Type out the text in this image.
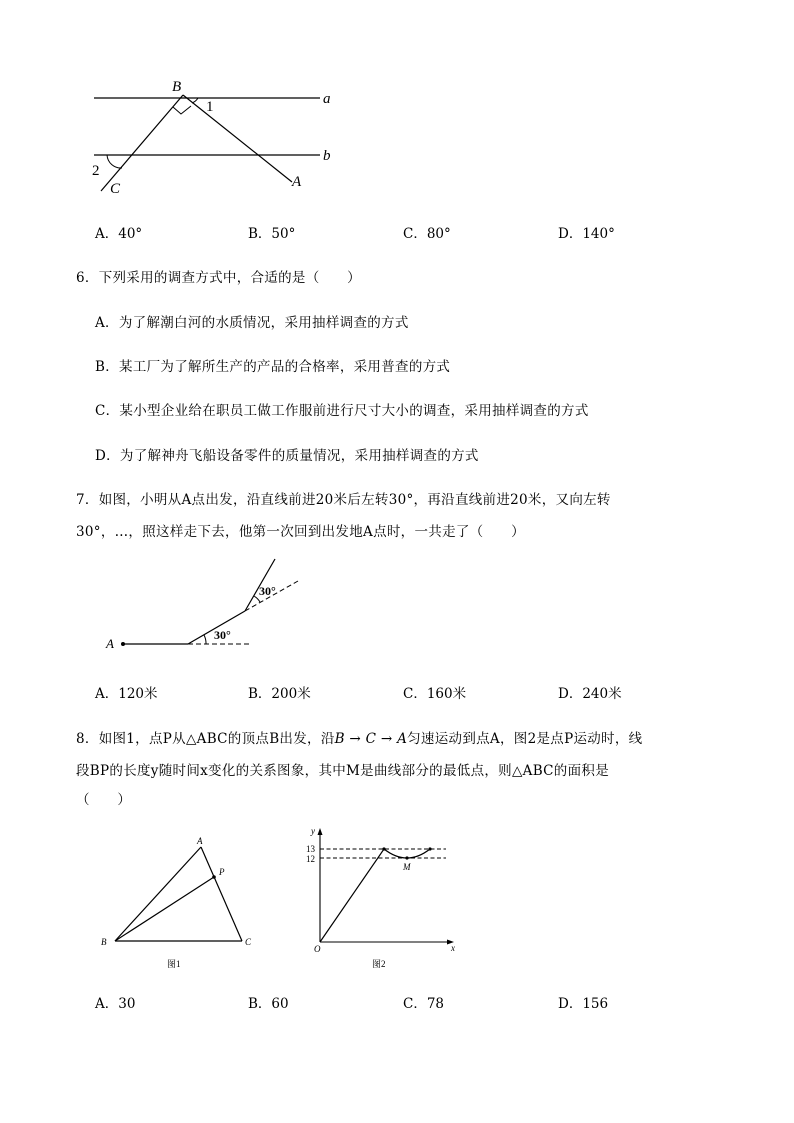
B
1	a
b
2
C	A
A．40°	B．50°	C．80°	D．140°
6．下列采用的调查方式中，合适的是（　　）
A．为了解潮白河的水质情况，采用抽样调查的方式
B．某工厂为了解所生产的产品的合格率，采用普查的方式
C．某小型企业给在职员工做工作服前进行尺寸大小的调查，采用抽样调查的方式
D．为了解神舟飞船设备零件的质量情况，采用抽样调查的方式
7．如图，小明从A点出发，沿直线前进20米后左转30°，再沿直线前进20米，又向左转
30°，…，照这样走下去，他第一次回到出发地A点时，一共走了（　　）
A
30°
30°
A．120米	B．200米	C．160米	D．240米
8．如图1，点P从△ABC的顶点B出发，沿B → C → A匀速运动到点A，图2是点P运动时，线
段BP的长度y随时间x变化的关系图象，其中M是曲线部分的最低点，则△ABC的面积是
（　　）
A
B	C
P
图1
y
x
O
M
13
12
图2
A．30	B．60	C．78	D．156
